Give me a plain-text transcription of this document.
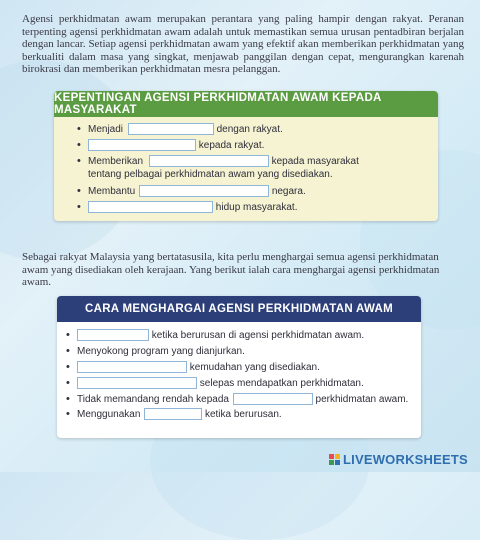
Agensi perkhidmatan awam merupakan perantara yang paling hampir dengan rakyat. Peranan terpenting agensi perkhidmatan awam adalah untuk memastikan semua urusan pentadbiran berjalan dengan lancar. Setiap agensi perkhidmatan awam yang efektif akan memberikan perkhidmatan yang berkualiti dalam masa yang singkat, menjawab panggilan dengan cepat, mengurangkan karenah birokrasi dan memberikan perkhidmatan mesra pelanggan.

KEPENTINGAN AGENSI PERKHIDMATAN AWAM KEPADA MASYARAKAT
• Menjadi	dengan rakyat.
• kepada rakyat.
• Memberikan	kepada masyarakat
tentang pelbagai perkhidmatan awam yang disediakan.
• Membantu	negara.
• hidup masyarakat.

Sebagai rakyat Malaysia yang bertatasusila, kita perlu menghargai semua agensi perkhidmatan awam yang disediakan oleh kerajaan. Yang berikut ialah cara menghargai agensi perkhidmatan awam.

CARA MENGHARGAI AGENSI PERKHIDMATAN AWAM
• ketika berurusan di agensi perkhidmatan awam.
• Menyokong program yang dianjurkan.
• kemudahan yang disediakan.
• selepas mendapatkan perkhidmatan.
• Tidak memandang rendah kepada	perkhidmatan awam.
• Menggunakan	ketika berurusan.
LIVEWORKSHEETS
